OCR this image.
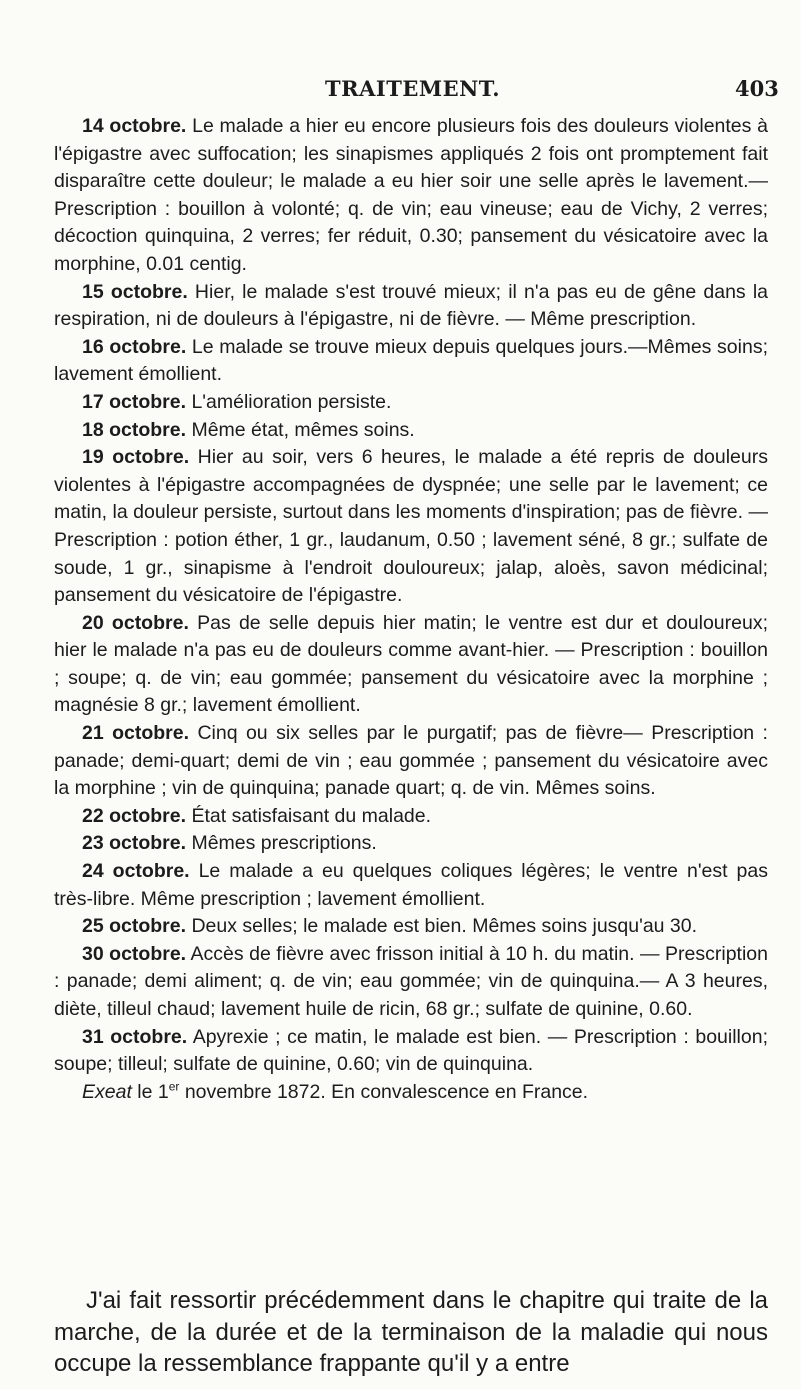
TRAITEMENT.	403

14 octobre. Le malade a hier eu encore plusieurs fois des douleurs violentes à l'épigastre avec suffocation; les sinapismes appliqués 2 fois ont promptement fait disparaître cette douleur; le malade a eu hier soir une selle après le lavement.— Prescription : bouillon à volonté; q. de vin; eau vineuse; eau de Vichy, 2 verres; décoction quinquina, 2 verres; fer réduit, 0.30; pansement du vésicatoire avec la morphine, 0.01 centig.

15 octobre. Hier, le malade s'est trouvé mieux; il n'a pas eu de gêne dans la respiration, ni de douleurs à l'épigastre, ni de fièvre. — Même prescription.

16 octobre. Le malade se trouve mieux depuis quelques jours.—Mêmes soins; lavement émollient.

17 octobre. L'amélioration persiste.

18 octobre. Même état, mêmes soins.

19 octobre. Hier au soir, vers 6 heures, le malade a été repris de douleurs violentes à l'épigastre accompagnées de dyspnée; une selle par le lavement; ce matin, la douleur persiste, surtout dans les moments d'inspiration; pas de fièvre. — Prescription : potion éther, 1 gr., laudanum, 0.50 ; lavement séné, 8 gr.; sulfate de soude, 1 gr., sinapisme à l'endroit douloureux; jalap, aloès, savon médicinal; pansement du vésicatoire de l'épigastre.

20 octobre. Pas de selle depuis hier matin; le ventre est dur et douloureux; hier le malade n'a pas eu de douleurs comme avant-hier. — Prescription : bouillon ; soupe; q. de vin; eau gommée; pansement du vésicatoire avec la morphine ; magnésie 8 gr.; lavement émollient.

21 octobre. Cinq ou six selles par le purgatif; pas de fièvre— Prescription : panade; demi-quart; demi de vin ; eau gommée ; pansement du vésicatoire avec la morphine ; vin de quinquina; panade quart; q. de vin. Mêmes soins.

22 octobre. État satisfaisant du malade.

23 octobre. Mêmes prescriptions.

24 octobre. Le malade a eu quelques coliques légères; le ventre n'est pas très-libre. Même prescription ; lavement émollient.

25 octobre. Deux selles; le malade est bien. Mêmes soins jusqu'au 30.

30 octobre. Accès de fièvre avec frisson initial à 10 h. du matin. — Prescription : panade; demi aliment; q. de vin; eau gommée; vin de quinquina.— A 3 heures, diète, tilleul chaud; lavement huile de ricin, 68 gr.; sulfate de quinine, 0.60.

31 octobre. Apyrexie ; ce matin, le malade est bien. — Prescription : bouillon; soupe; tilleul; sulfate de quinine, 0.60; vin de quinquina.

Exeat le 1er novembre 1872. En convalescence en France.

J'ai fait ressortir précédemment dans le chapitre qui traite de la marche, de la durée et de la terminaison de la maladie qui nous occupe la ressemblance frappante qu'il y a entre
